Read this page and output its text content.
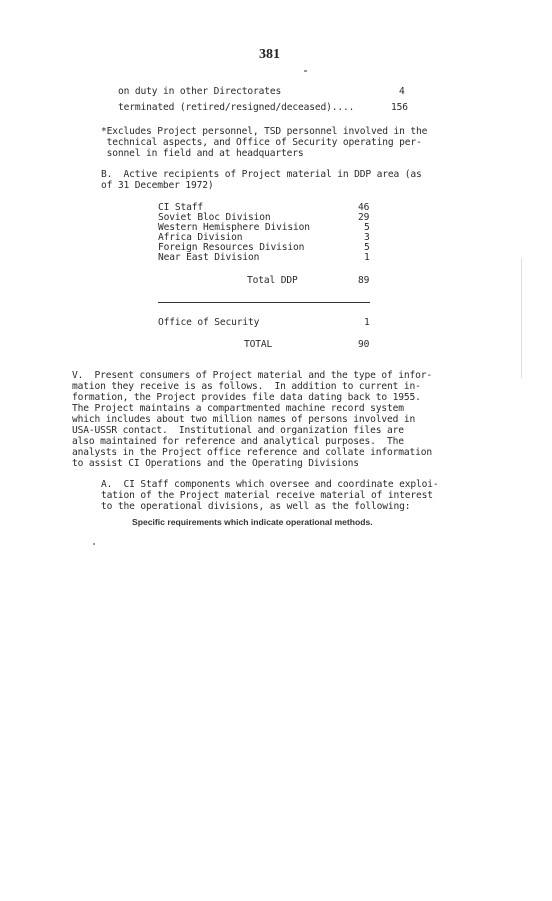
381
on duty in other Directorates	4
terminated (retired/resigned/deceased)....	156
*Excludes Project personnel, TSD personnel involved in the
technical aspects, and Office of Security operating per-
sonnel in field and at headquarters
B.  Active recipients of Project material in DDP area (as
of 31 December 1972)
CI Staff	46
Soviet Bloc Division	29
Western Hemisphere Division	5
Africa Division	3
Foreign Resources Division	5
Near East Division	1
Total DDP	89
Office of Security	1
TOTAL	90
V.  Present consumers of Project material and the type of infor-
mation they receive is as follows.  In addition to current in-
formation, the Project provides file data dating back to 1955.
The Project maintains a compartmented machine record system
which includes about two million names of persons involved in
USA-USSR contact.  Institutional and organization files are
also maintained for reference and analytical purposes.  The
analysts in the Project office reference and collate information
to assist CI Operations and the Operating Divisions
A.  CI Staff components which oversee and coordinate exploi-
tation of the Project material receive material of interest
to the operational divisions, as well as the following:
Specific requirements which indicate operational methods.
